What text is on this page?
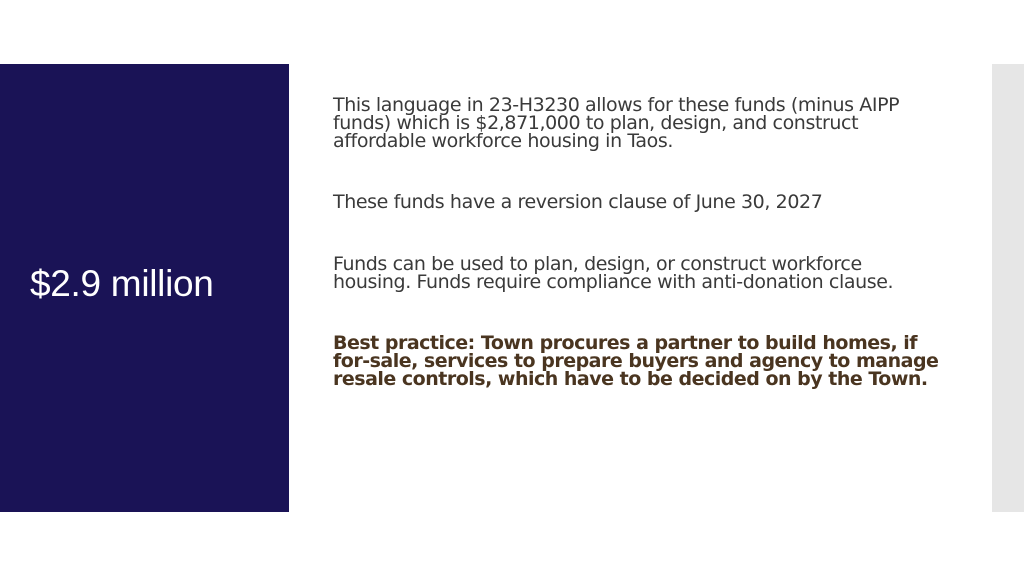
$2.9 million

This language in 23-H3230 allows for these funds (minus AIPP funds) which is $2,871,000 to plan, design, and construct affordable workforce housing in Taos.

These funds have a reversion clause of June 30, 2027

Funds can be used to plan, design, or construct workforce housing. Funds require compliance with anti-donation clause.

Best practice: Town procures a partner to build homes, if for-sale, services to prepare buyers and agency to manage resale controls, which have to be decided on by the Town.
